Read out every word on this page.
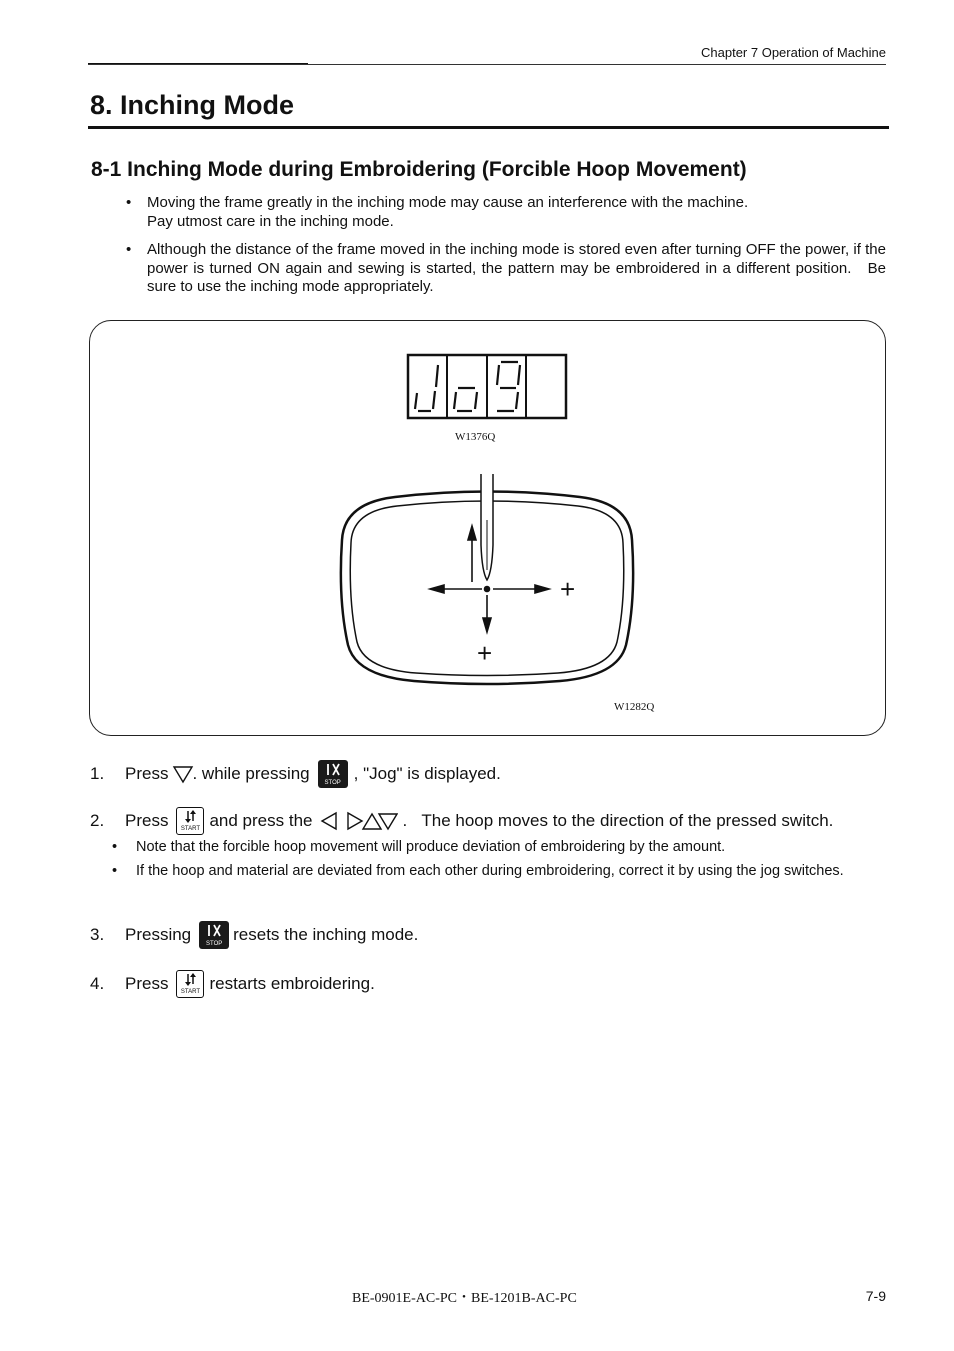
Chapter 7 Operation of Machine
8. Inching Mode
8-1 Inching Mode during Embroidering (Forcible Hoop Movement)
•	Moving the frame greatly in the inching mode may cause an interference with the machine.
Pay utmost care in the inching mode.
•	Although the distance of the frame moved in the inching mode is stored even after turning OFF the power, if the power is turned ON again and sewing is started, the pattern may be embroidered in a different position.   Be sure to use the inching mode appropriately.
W1376Q
W1282Q
+
+
1.	Press . while pressing	STOP , "Jog" is displayed.
2.	Press	START and press the	.   The hoop moves to the direction of the pressed switch.
3.	Pressing	STOP resets the inching mode.
4.	Press	START restarts embroidering.
•	Note that the forcible hoop movement will produce deviation of embroidering by the amount.
•	If the hoop and material are deviated from each other during embroidering, correct it by using the jog switches.
BE-0901E-AC-PC・BE-1201B-AC-PC	7-9
